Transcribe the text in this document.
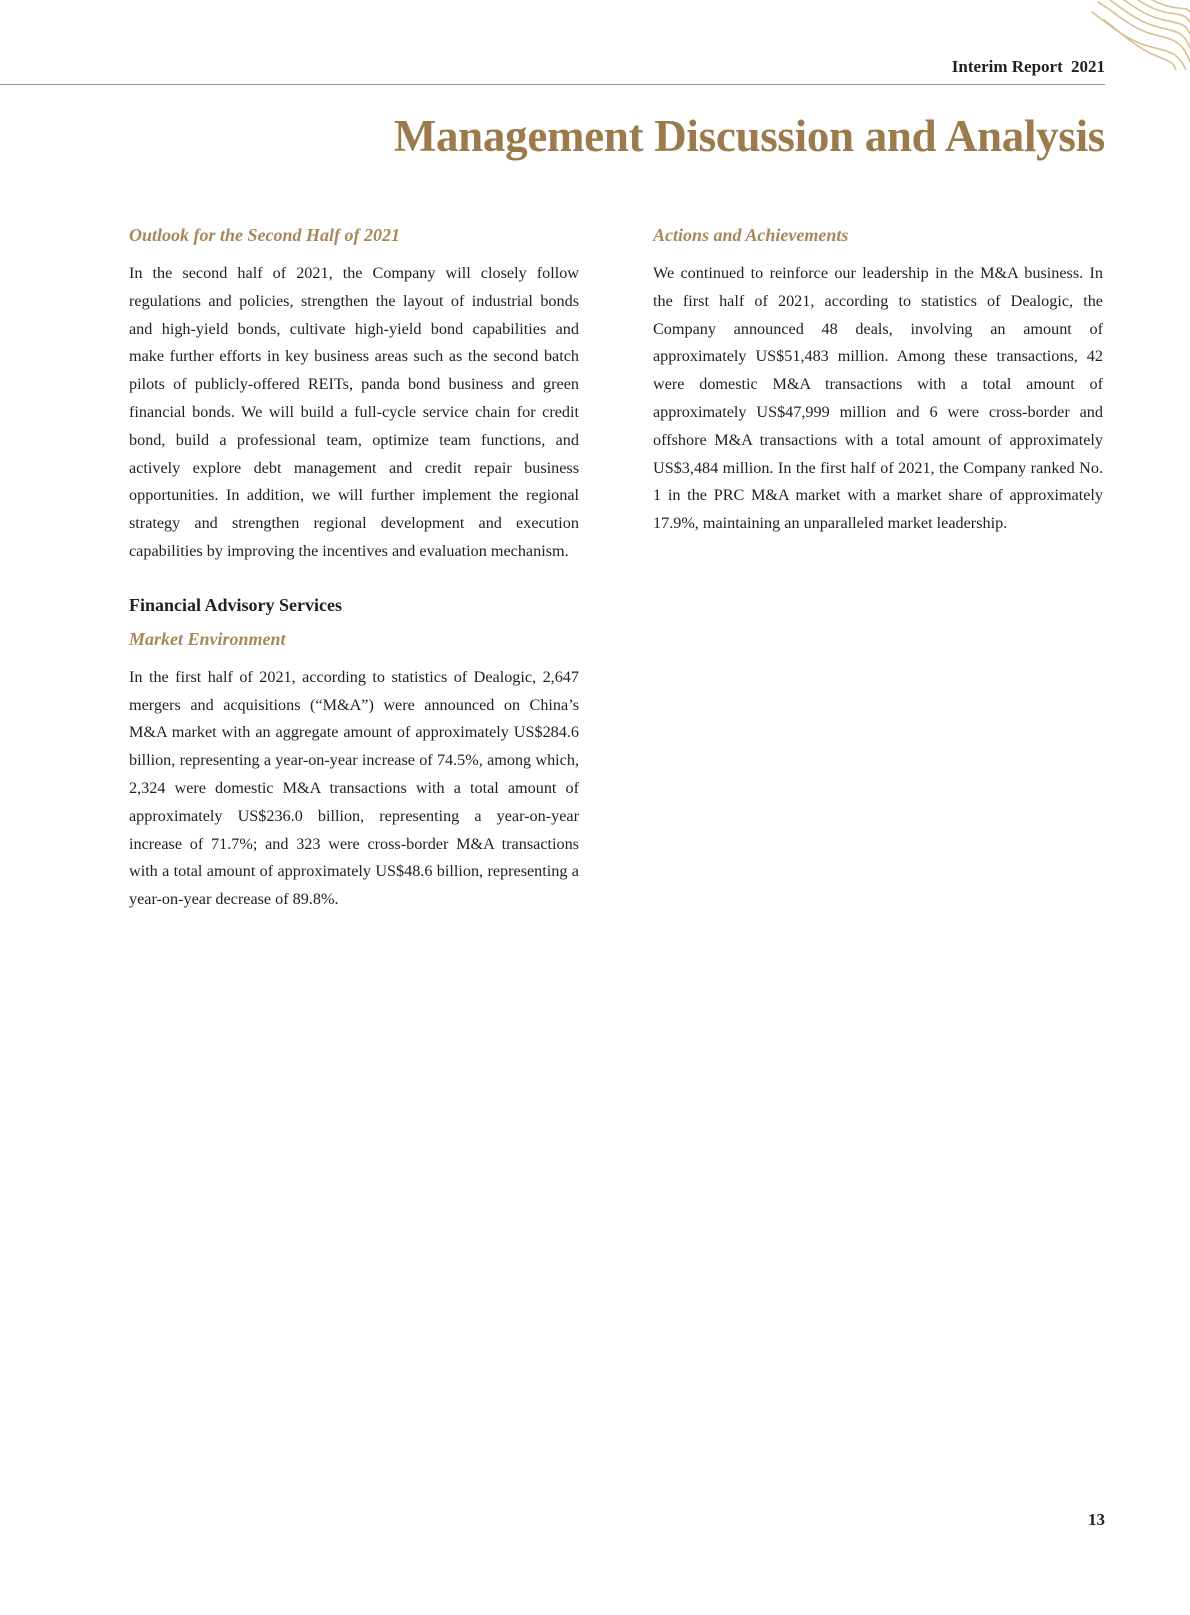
Interim Report 2021
Management Discussion and Analysis
Outlook for the Second Half of 2021

In the second half of 2021, the Company will closely follow regulations and policies, strengthen the layout of industrial bonds and high-yield bonds, cultivate high-yield bond capabilities and make further efforts in key business areas such as the second batch pilots of publicly-offered REITs, panda bond business and green financial bonds. We will build a full-cycle service chain for credit bond, build a professional team, optimize team functions, and actively explore debt management and credit repair business opportunities. In addition, we will further implement the regional strategy and strengthen regional development and execution capabilities by improving the incentives and evaluation mechanism.

Financial Advisory Services
Market Environment

In the first half of 2021, according to statistics of Dealogic, 2,647 mergers and acquisitions (“M&A”) were announced on China’s M&A market with an aggregate amount of approximately US$284.6 billion, representing a year-on-year increase of 74.5%, among which, 2,324 were domestic M&A transactions with a total amount of approximately US$236.0 billion, representing a year-on-year increase of 71.7%; and 323 were cross-border M&A transactions with a total amount of approximately US$48.6 billion, representing a year-on-year decrease of 89.8%.

Actions and Achievements

We continued to reinforce our leadership in the M&A business. In the first half of 2021, according to statistics of Dealogic, the Company announced 48 deals, involving an amount of approximately US$51,483 million. Among these transactions, 42 were domestic M&A transactions with a total amount of approximately US$47,999 million and 6 were cross-border and offshore M&A transactions with a total amount of approximately US$3,484 million. In the first half of 2021, the Company ranked No. 1 in the PRC M&A market with a market share of approximately 17.9%, maintaining an unparalleled market leadership.

13
